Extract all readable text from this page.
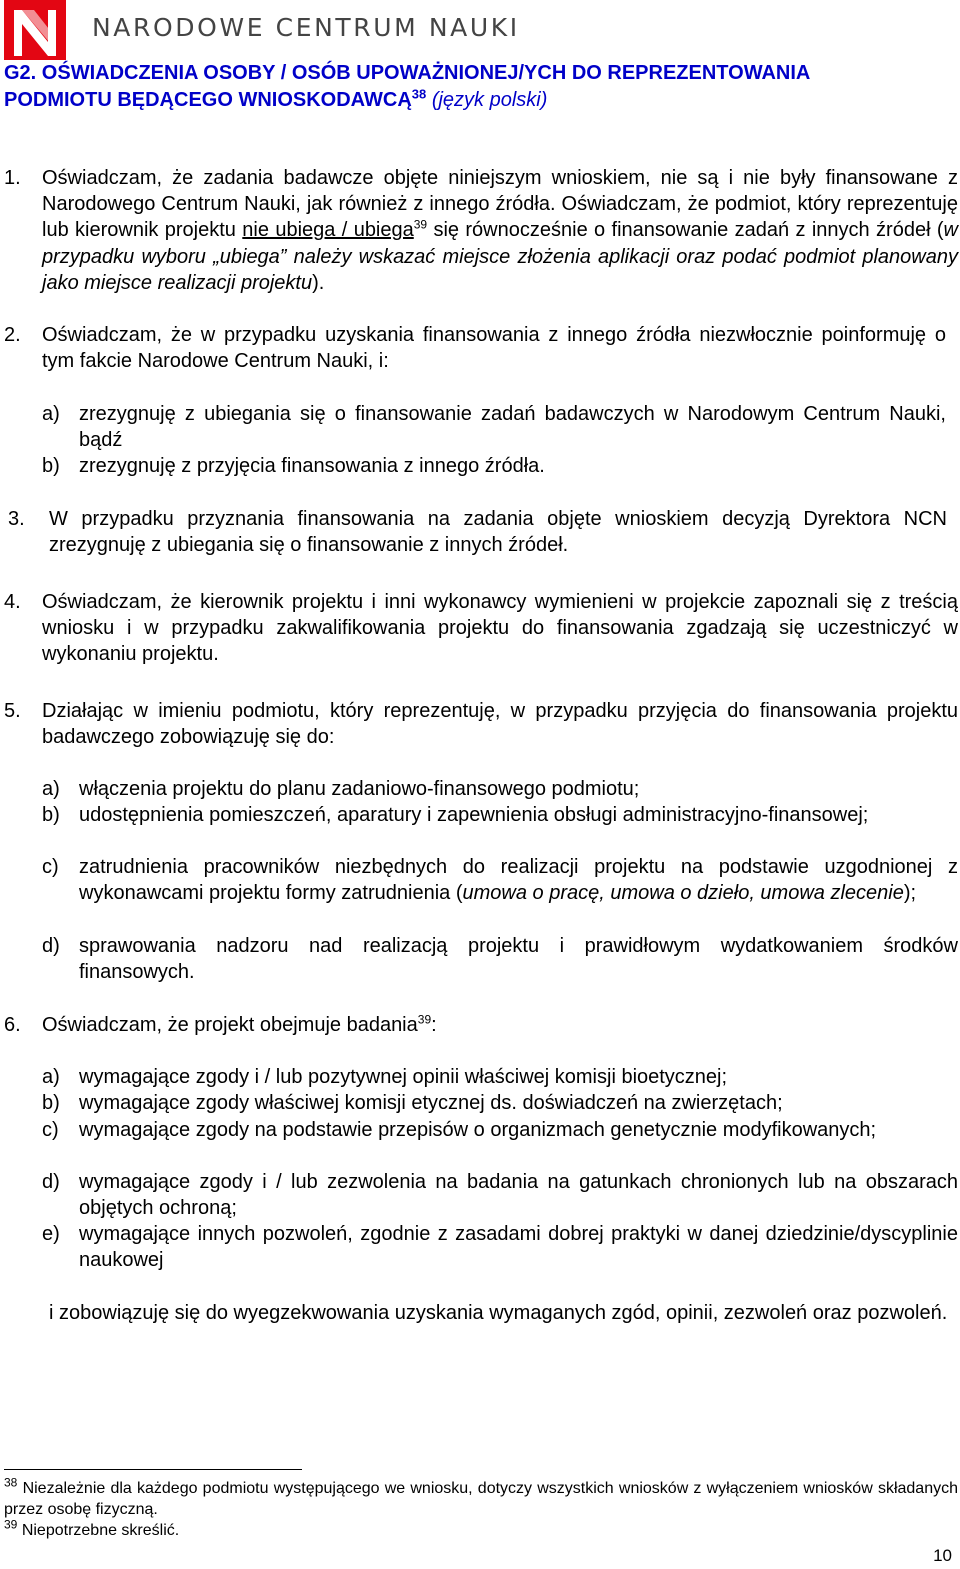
NARODOWE CENTRUM NAUKI
G2. OŚWIADCZENIA OSOBY / OSÓB UPOWAŻNIONEJ/YCH DO REPREZENTOWANIA
PODMIOTU BĘDĄCEGO WNIOSKODAWCĄ$^{38}$ (język polski)
1. Oświadczam, że zadania badawcze objęte niniejszym wnioskiem, nie są i nie były finansowane z Narodowego Centrum Nauki, jak również z innego źródła. Oświadczam, że podmiot, który reprezentuję lub kierownik projektu nie ubiega / ubiega$^{39}$ się równocześnie o finansowanie zadań z innych źródeł (w przypadku wyboru „ubiega” należy wskazać miejsce złożenia aplikacji oraz podać podmiot planowany jako miejsce realizacji projektu).
2. Oświadczam, że w przypadku uzyskania finansowania z innego źródła niezwłocznie poinformuję o tym fakcie Narodowe Centrum Nauki, i:
a) zrezygnuję z ubiegania się o finansowanie zadań badawczych w Narodowym Centrum Nauki, bądź
b) zrezygnuję z przyjęcia finansowania z innego źródła.
3. W przypadku przyznania finansowania na zadania objęte wnioskiem decyzją Dyrektora NCN zrezygnuję z ubiegania się o finansowanie z innych źródeł.
4. Oświadczam, że kierownik projektu i inni wykonawcy wymienieni w projekcie zapoznali się z treścią wniosku i w przypadku zakwalifikowania projektu do finansowania zgadzają się uczestniczyć w wykonaniu projektu.
5. Działając w imieniu podmiotu, który reprezentuję, w przypadku przyjęcia do finansowania projektu badawczego zobowiązuję się do:
a) włączenia projektu do planu zadaniowo-finansowego podmiotu;
b) udostępnienia pomieszczeń, aparatury i zapewnienia obsługi administracyjno-finansowej;
c) zatrudnienia pracowników niezbędnych do realizacji projektu na podstawie uzgodnionej z wykonawcami projektu formy zatrudnienia (umowa o pracę, umowa o dzieło, umowa zlecenie);
d) sprawowania nadzoru nad realizacją projektu i prawidłowym wydatkowaniem środków finansowych.
6. Oświadczam, że projekt obejmuje badania$^{39}$:
a) wymagające zgody i / lub pozytywnej opinii właściwej komisji bioetycznej;
b) wymagające zgody właściwej komisji etycznej ds. doświadczeń na zwierzętach;
c) wymagające zgody na podstawie przepisów o organizmach genetycznie modyfikowanych;
d) wymagające zgody i / lub zezwolenia na badania na gatunkach chronionych lub na obszarach objętych ochroną;
e) wymagające innych pozwoleń, zgodnie z zasadami dobrej praktyki w danej dziedzinie/dyscyplinie naukowej
i zobowiązuję się do wyegzekwowania uzyskania wymaganych zgód, opinii, zezwoleń oraz pozwoleń.
$^{38}$ Niezależnie dla każdego podmiotu występującego we wniosku, dotyczy wszystkich wniosków z wyłączeniem wniosków składanych przez osobę fizyczną.
$^{39}$ Niepotrzebne skreślić.
10
